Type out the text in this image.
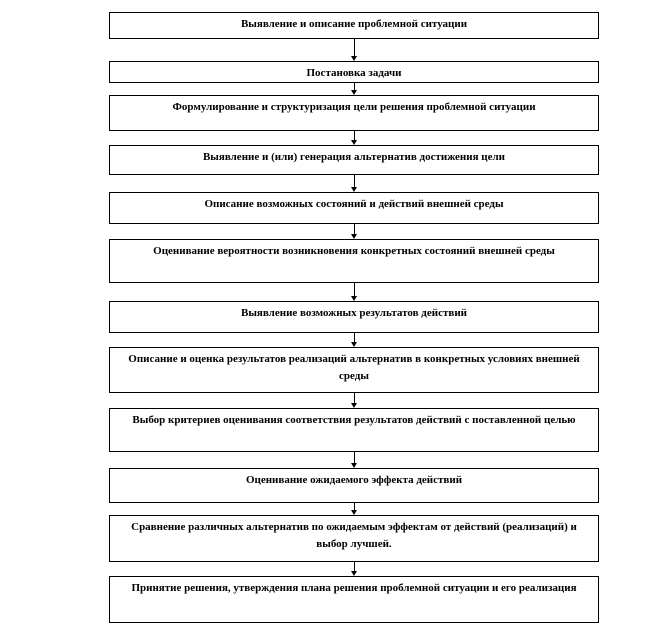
Выявление и описание проблемной ситуации
Постановка задачи
Формулирование и структуризация цели решения проблемной ситуации
Выявление и (или) генерация альтернатив достижения цели
Описание возможных состояний и действий внешней среды
Оценивание вероятности возникновения конкретных состояний внешней среды
Выявление возможных результатов действий
Описание и оценка результатов реализаций альтернатив в конкретных условиях внешней среды
Выбор критериев оценивания соответствия результатов действий с поставленной целью
Оценивание ожидаемого эффекта действий
Сравнение различных альтернатив по ожидаемым эффектам от действий (реализаций) и выбор лучшей.
Принятие решения, утверждения плана решения проблемной ситуации и его реализация
